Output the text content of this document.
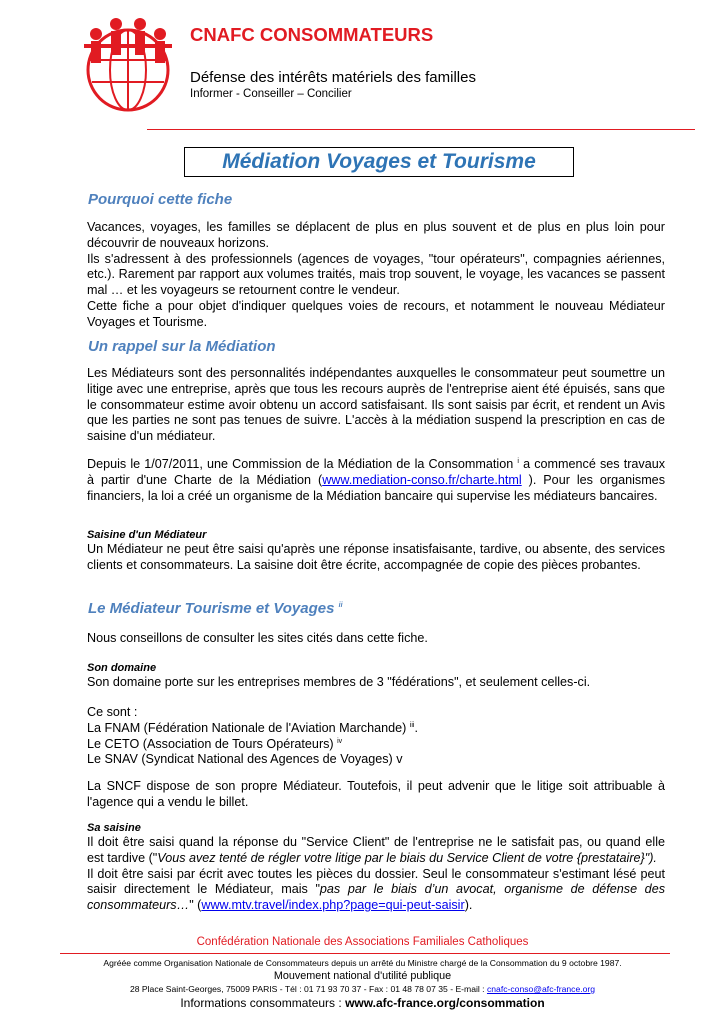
CNAFC CONSOMMATEURS
Défense des intérêts matériels des familles
Informer - Conseiller – Concilier
Médiation Voyages et Tourisme
Pourquoi cette fiche
Vacances, voyages, les familles se déplacent de plus en plus souvent et de plus en plus loin pour découvrir de nouveaux horizons.
Ils s'adressent à des professionnels (agences de voyages, "tour opérateurs", compagnies aériennes, etc.). Rarement par rapport aux volumes traités, mais trop souvent, le voyage, les vacances se passent mal … et les voyageurs se retournent contre le vendeur.
Cette fiche a pour objet d'indiquer quelques voies de recours, et notamment le nouveau Médiateur Voyages et Tourisme.
Un rappel sur la Médiation
Les Médiateurs sont des personnalités indépendantes auxquelles le consommateur peut soumettre un litige avec une entreprise, après que tous les recours auprès de l'entreprise aient été épuisés, sans que le consommateur estime avoir obtenu un accord satisfaisant. Ils sont saisis par écrit, et rendent un Avis que les parties ne sont pas tenues de suivre. L'accès à la médiation suspend la prescription en cas de saisine d'un médiateur.
Depuis le 1/07/2011, une Commission de la Médiation de la Consommation $^i$ a commencé ses travaux à partir d'une Charte de la Médiation (www.mediation-conso.fr/charte.html ). Pour les organismes financiers, la loi a créé un organisme de la Médiation bancaire qui supervise les médiateurs bancaires.
Saisine d'un Médiateur
Un Médiateur ne peut être saisi qu'après une réponse insatisfaisante, tardive, ou absente, des services clients et consommateurs. La saisine doit être écrite, accompagnée de copie des pièces probantes.
Le Médiateur Tourisme et Voyages $^{ii}$
Nous conseillons de consulter les sites cités dans cette fiche.
Son domaine
Son domaine porte sur les entreprises membres de 3 "fédérations", et seulement celles-ci.
Ce sont :
La FNAM (Fédération Nationale de l'Aviation Marchande) $^{iii}$.
Le CETO (Association de Tours Opérateurs) $^{iv}$
Le SNAV (Syndicat National des Agences de Voyages) v
La SNCF dispose de son propre Médiateur. Toutefois, il peut advenir que le litige soit attribuable à l'agence qui a vendu le billet.
Sa saisine
Il doit être saisi quand la réponse du "Service Client" de l'entreprise ne le satisfait pas, ou quand elle est tardive ("Vous avez tenté de régler votre litige par le biais du Service Client de votre {prestataire}").
Il doit être saisi par écrit avec toutes les pièces du dossier. Seul le consommateur s'estimant lésé peut saisir directement le Médiateur, mais "pas par le biais d’un avocat, organisme de défense des consommateurs…" (www.mtv.travel/index.php?page=qui-peut-saisir).
Confédération Nationale des Associations Familiales Catholiques
Agréée comme Organisation Nationale de Consommateurs depuis un arrêté du Ministre chargé de la Consommation du 9 octobre 1987.
Mouvement national d'utilité publique
28 Place Saint-Georges, 75009 PARIS - Tél : 01 71 93 70 37 - Fax : 01 48 78 07 35 - E-mail : cnafc-conso@afc-france.org
Informations consommateurs : www.afc-france.org/consommation
